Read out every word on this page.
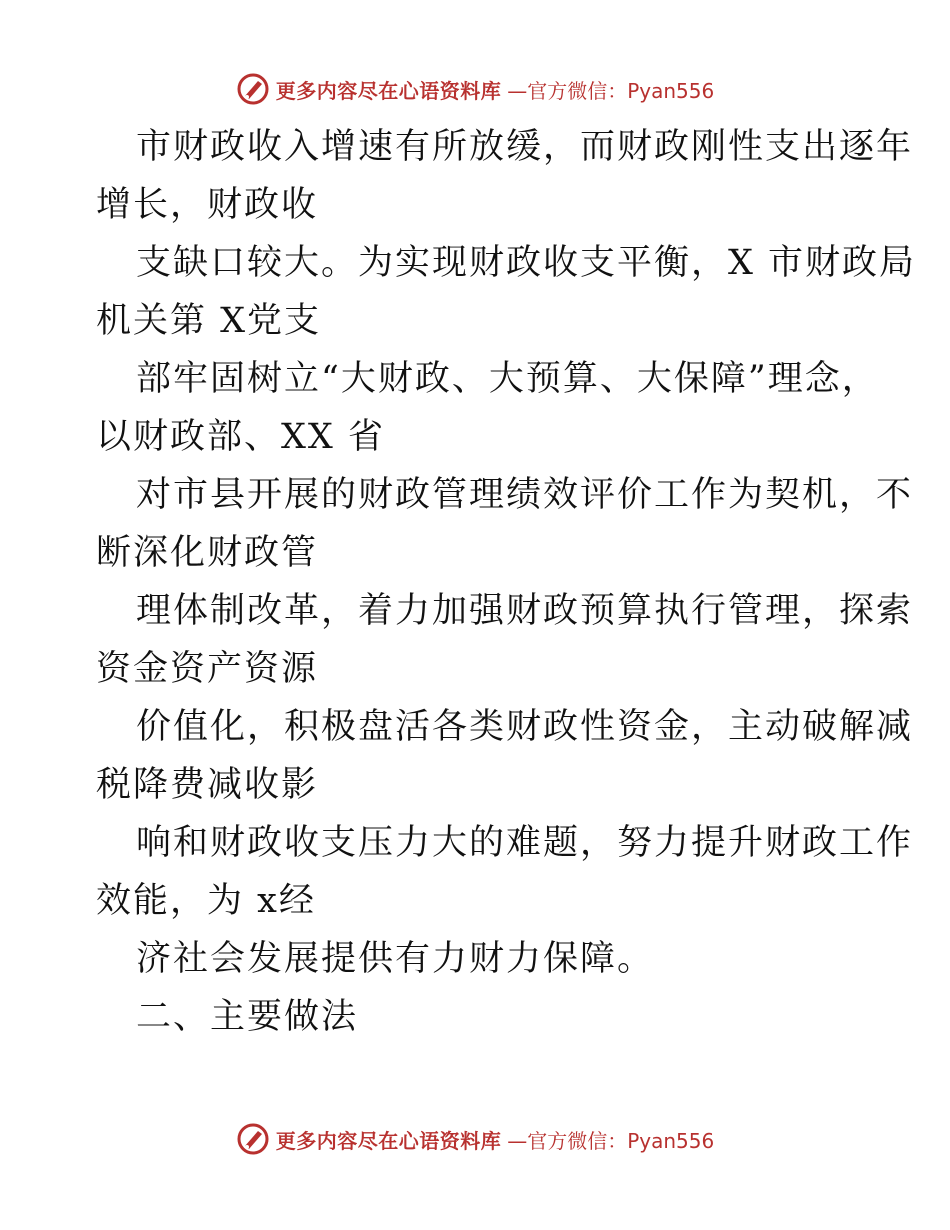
更多内容尽在心语资料库 —官方微信：Pyan556
市财政收入增速有所放缓，而财政刚性支出逐年
增长，财政收
支缺口较大。为实现财政收支平衡，X 市财政局
机关第 X党支
部牢固树立“大财政、大预算、大保障”理念，
以财政部、XX 省
对市县开展的财政管理绩效评价工作为契机，不
断深化财政管
理体制改革，着力加强财政预算执行管理，探索
资金资产资源
价值化，积极盘活各类财政性资金，主动破解减
税降费减收影
响和财政收支压力大的难题，努力提升财政工作
效能，为 x经
济社会发展提供有力财力保障。
二、主要做法
更多内容尽在心语资料库 —官方微信：Pyan556
